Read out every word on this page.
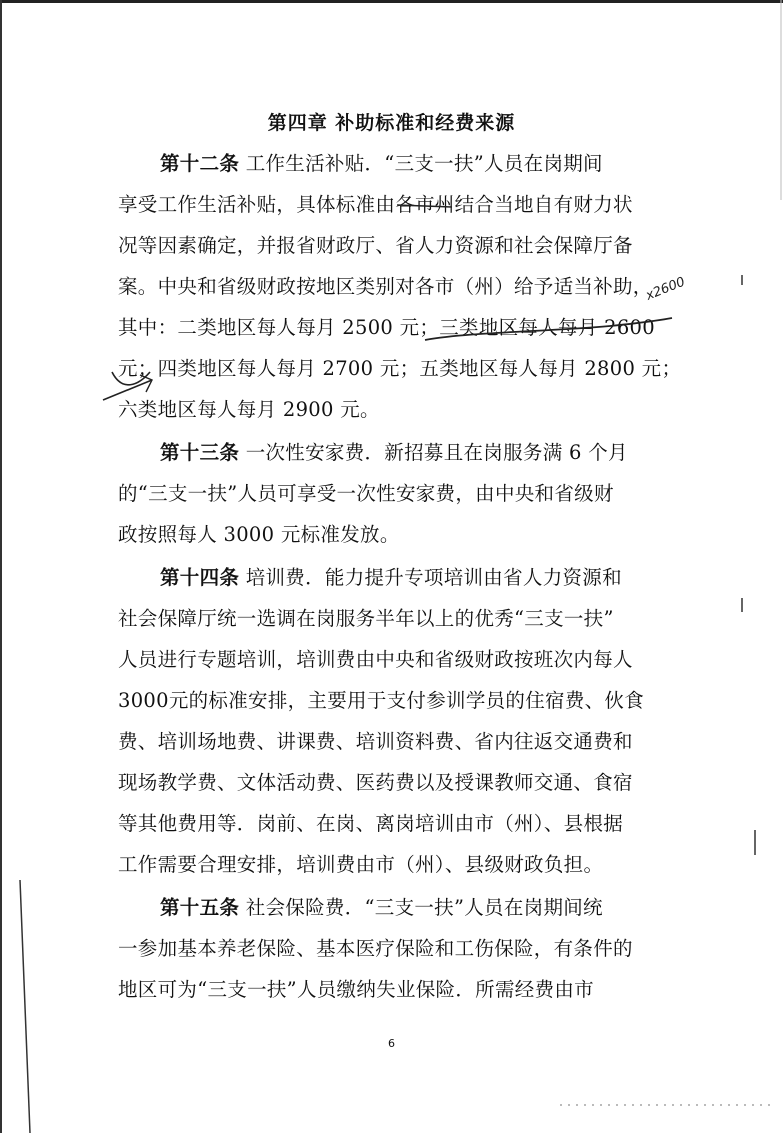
第四章 补助标准和经费来源
第十二条 工作生活补贴．“三支一扶”人员在岗期间
享受工作生活补贴，具体标准由各市州结合当地自有财力状
况等因素确定，并报省财政厅、省人力资源和社会保障厅备
案。中央和省级财政按地区类别对各市（州）给予适当补助，
其中：二类地区每人每月 2500 元；三类地区每人每月 2600
元；四类地区每人每月 2700 元；五类地区每人每月 2800 元；
六类地区每人每月 2900 元。
第十三条 一次性安家费．新招募且在岗服务满 6 个月
的“三支一扶”人员可享受一次性安家费，由中央和省级财
政按照每人 3000 元标准发放。
第十四条 培训费．能力提升专项培训由省人力资源和
社会保障厅统一选调在岗服务半年以上的优秀“三支一扶”
人员进行专题培训，培训费由中央和省级财政按班次内每人
3000元的标准安排，主要用于支付参训学员的住宿费、伙食
费、培训场地费、讲课费、培训资料费、省内往返交通费和
现场教学费、文体活动费、医药费以及授课教师交通、食宿
等其他费用等．岗前、在岗、离岗培训由市（州）、县根据
工作需要合理安排，培训费由市（州）、县级财政负担。
第十五条 社会保险费．“三支一扶”人员在岗期间统
一参加基本养老保险、基本医疗保险和工伤保险，有条件的
地区可为“三支一扶”人员缴纳失业保险．所需经费由市
6
x2600
